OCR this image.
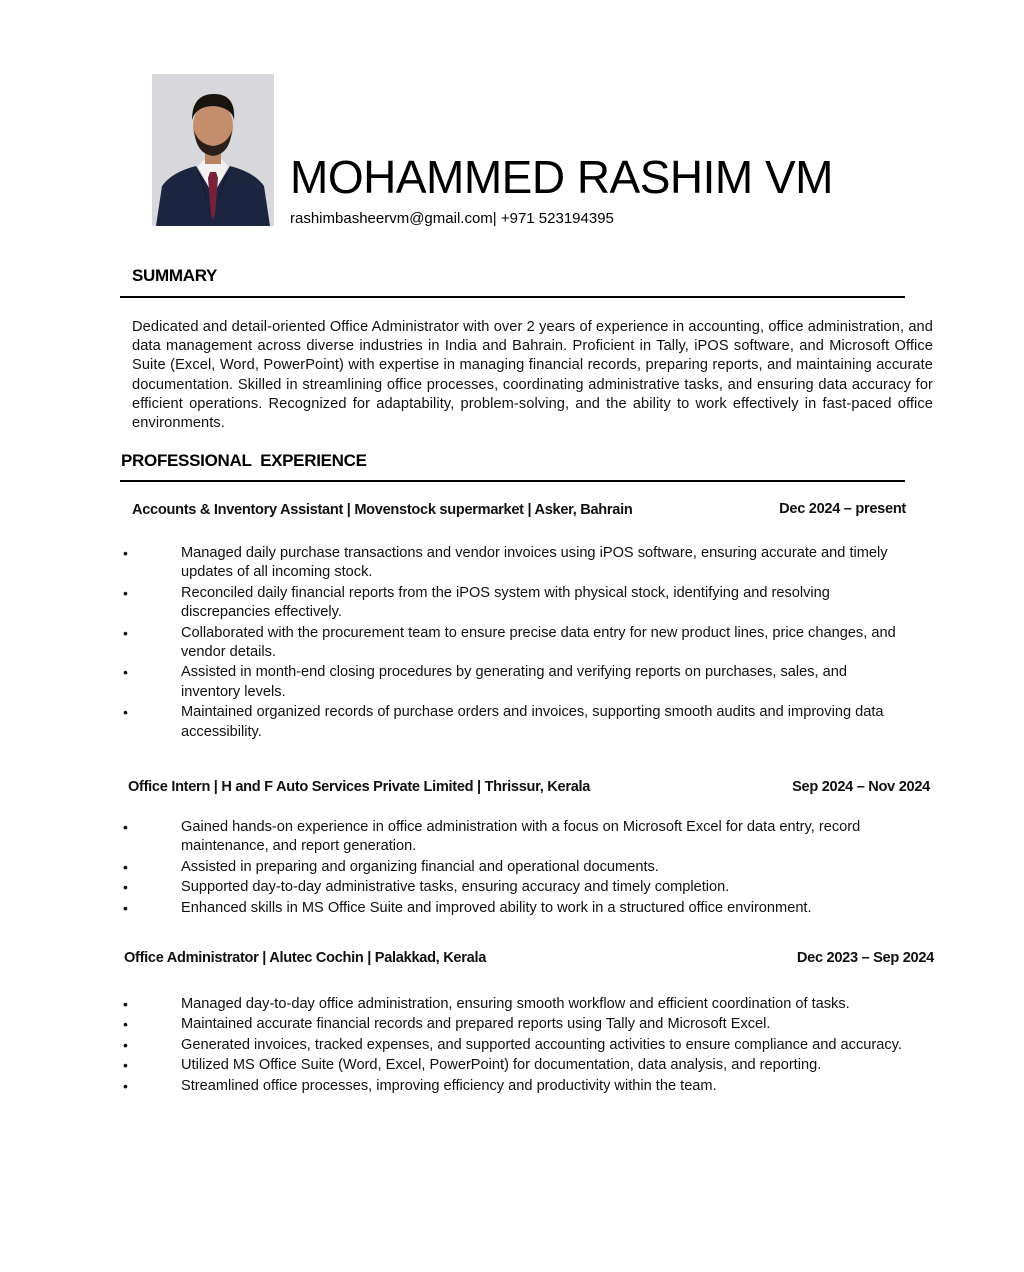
MOHAMMED RASHIM VM
rashimbasheervm@gmail.com| +971 523194395
SUMMARY
Dedicated and detail-oriented Office Administrator with over 2 years of experience in accounting, office administration, and data management across diverse industries in India and Bahrain. Proficient in Tally, iPOS software, and Microsoft Office Suite (Excel, Word, PowerPoint) with expertise in managing financial records, preparing reports, and maintaining accurate documentation. Skilled in streamlining office processes, coordinating administrative tasks, and ensuring data accuracy for efficient operations. Recognized for adaptability, problem-solving, and the ability to work effectively in fast-paced office environments.
PROFESSIONAL  EXPERIENCE
Accounts & Inventory Assistant | Movenstock supermarket | Asker, Bahrain	Dec 2024 – present
•	Managed daily purchase transactions and vendor invoices using iPOS software, ensuring accurate and timely updates of all incoming stock.
•	Reconciled daily financial reports from the iPOS system with physical stock, identifying and resolving discrepancies effectively.
•	Collaborated with the procurement team to ensure precise data entry for new product lines, price changes, and vendor details.
•	Assisted in month-end closing procedures by generating and verifying reports on purchases, sales, and inventory levels.
•	Maintained organized records of purchase orders and invoices, supporting smooth audits and improving data accessibility.
Office Intern | H and F Auto Services Private Limited | Thrissur, Kerala	Sep 2024 – Nov 2024
•	Gained hands-on experience in office administration with a focus on Microsoft Excel for data entry, record maintenance, and report generation.
•	Assisted in preparing and organizing financial and operational documents.
•	Supported day-to-day administrative tasks, ensuring accuracy and timely completion.
•	Enhanced skills in MS Office Suite and improved ability to work in a structured office environment.
Office Administrator | Alutec Cochin | Palakkad, Kerala	Dec 2023 – Sep 2024
•	Managed day-to-day office administration, ensuring smooth workflow and efficient coordination of tasks.
•	Maintained accurate financial records and prepared reports using Tally and Microsoft Excel.
•	Generated invoices, tracked expenses, and supported accounting activities to ensure compliance and accuracy.
•	Utilized MS Office Suite (Word, Excel, PowerPoint) for documentation, data analysis, and reporting.
•	Streamlined office processes, improving efficiency and productivity within the team.
